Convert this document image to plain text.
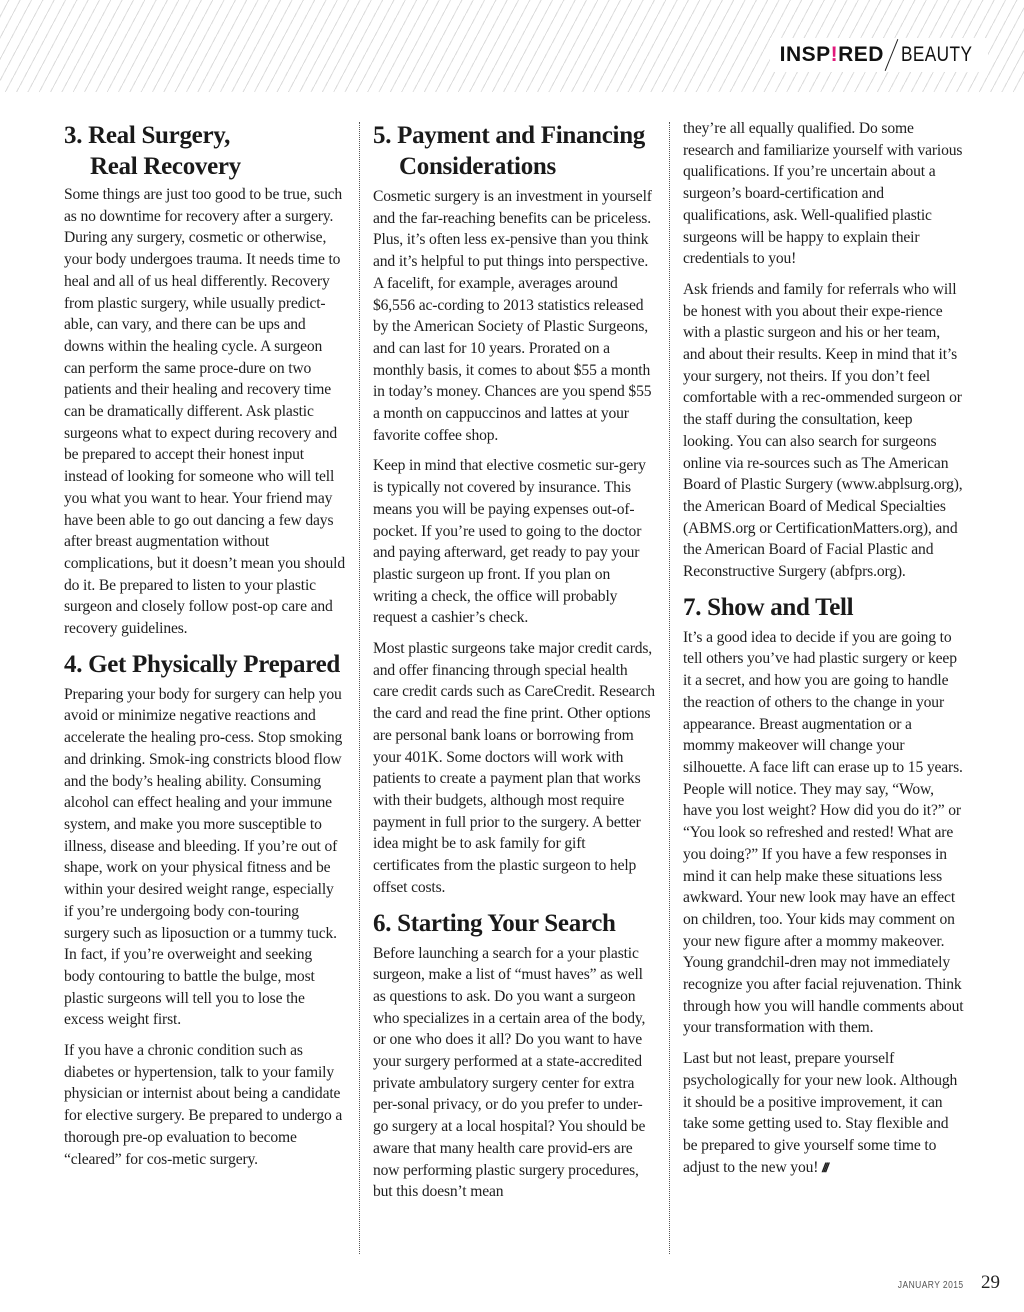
INSP!RED BEAUTY
3. Real Surgery,
Real Recovery

Some things are just too good to be true, such as no downtime for recovery after a surgery. During any surgery, cosmetic or otherwise, your body undergoes trauma. It needs time to heal and all of us heal differently. Recovery from plastic surgery, while usually predict-able, can vary, and there can be ups and downs within the healing cycle. A surgeon can perform the same proce-dure on two patients and their healing and recovery time can be dramatically different. Ask plastic surgeons what to expect during recovery and be prepared to accept their honest input instead of looking for someone who will tell you what you want to hear. Your friend may have been able to go out dancing a few days after breast augmentation without complications, but it doesn’t mean you should do it. Be prepared to listen to your plastic surgeon and closely follow post-op care and recovery guidelines.

4. Get Physically Prepared

Preparing your body for surgery can help you avoid or minimize negative reactions and accelerate the healing pro-cess. Stop smoking and drinking. Smok-ing constricts blood flow and the body’s healing ability. Consuming alcohol can effect healing and your immune system, and make you more susceptible to illness, disease and bleeding. If you’re out of shape, work on your physical fitness and be within your desired weight range, especially if you’re undergoing body con-touring surgery such as liposuction or a tummy tuck. In fact, if you’re overweight and seeking body contouring to battle the bulge, most plastic surgeons will tell you to lose the excess weight first.

If you have a chronic condition such as diabetes or hypertension, talk to your family physician or internist about being a candidate for elective surgery. Be prepared to undergo a thorough pre-op evaluation to become “cleared” for cos-metic surgery.

5. Payment and Financing
Considerations

Cosmetic surgery is an investment in yourself and the far-reaching benefits can be priceless. Plus, it’s often less ex-pensive than you think and it’s helpful to put things into perspective. A facelift, for example, averages around $6,556 ac-cording to 2013 statistics released by the American Society of Plastic Surgeons, and can last for 10 years. Prorated on a monthly basis, it comes to about $55 a month in today’s money. Chances are you spend $55 a month on cappuccinos and lattes at your favorite coffee shop.

Keep in mind that elective cosmetic sur-gery is typically not covered by insurance. This means you will be paying expenses out-of-pocket. If you’re used to going to the doctor and paying afterward, get ready to pay your plastic surgeon up front. If you plan on writing a check, the office will probably request a cashier’s check.

Most plastic surgeons take major credit cards, and offer financing through special health care credit cards such as CareCredit. Research the card and read the fine print. Other options are personal bank loans or borrowing from your 401K. Some doctors will work with patients to create a payment plan that works with their budgets, although most require payment in full prior to the surgery. A better idea might be to ask family for gift certificates from the plastic surgeon to help offset costs.

6. Starting Your Search

Before launching a search for a your plastic surgeon, make a list of “must haves” as well as questions to ask. Do you want a surgeon who specializes in a certain area of the body, or one who does it all? Do you want to have your surgery performed at a state-accredited private ambulatory surgery center for extra per-sonal privacy, or do you prefer to under-go surgery at a local hospital? You should be aware that many health care provid-ers are now performing plastic surgery procedures, but this doesn’t mean

they’re all equally qualified. Do some research and familiarize yourself with various qualifications. If you’re uncertain about a surgeon’s board-certification and qualifications, ask. Well-qualified plastic surgeons will be happy to explain their credentials to you!

Ask friends and family for referrals who will be honest with you about their expe-rience with a plastic surgeon and his or her team, and about their results. Keep in mind that it’s your surgery, not theirs. If you don’t feel comfortable with a rec-ommended surgeon or the staff during the consultation, keep looking. You can also search for surgeons online via re-sources such as The American Board of Plastic Surgery (www.abplsurg.org), the American Board of Medical Specialties (ABMS.org or CertificationMatters.org), and the American Board of Facial Plastic and Reconstructive Surgery (abfprs.org).

7. Show and Tell

It’s a good idea to decide if you are going to tell others you’ve had plastic surgery or keep it a secret, and how you are going to handle the reaction of others to the change in your appearance. Breast augmentation or a mommy makeover will change your silhouette. A face lift can erase up to 15 years. People will notice. They may say, “Wow, have you lost weight? How did you do it?” or “You look so refreshed and rested! What are you doing?” If you have a few responses in mind it can help make these situations less awkward. Your new look may have an effect on children, too. Your kids may comment on your new figure after a mommy makeover. Young grandchil-dren may not immediately recognize you after facial rejuvenation. Think through how you will handle comments about your transformation with them.

Last but not least, prepare yourself psychologically for your new look. Although it should be a positive improvement, it can take some getting used to. Stay flexible and be prepared to give yourself some time to adjust to the new you! ///

JANUARY 2015 29
